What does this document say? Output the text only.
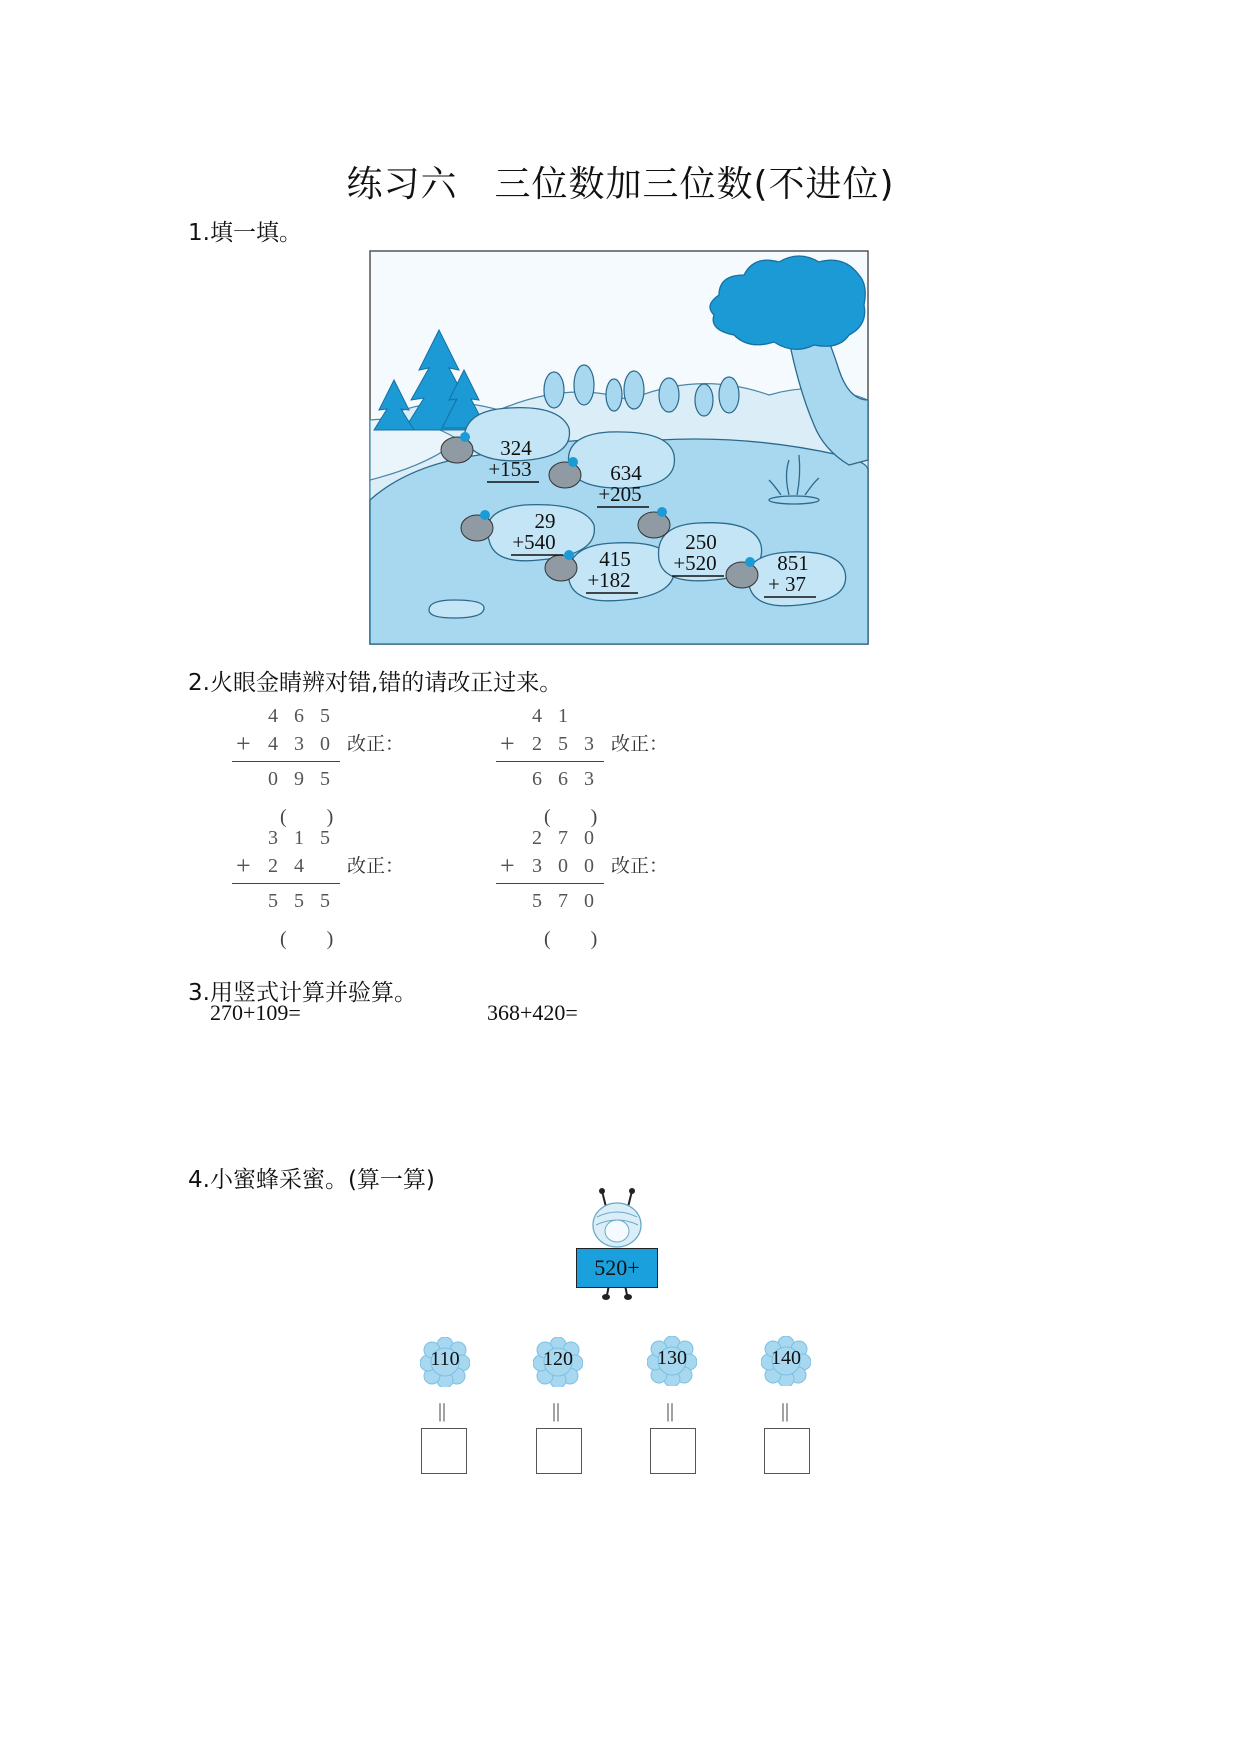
练习六　三位数加三位数(不进位)
1.填一填。
324
+153	634
+205
29
+540
415
+182
250
+520	851
+ 37
2.火眼金睛辨对错,错的请改正过来。
4 6 5
+ 4 3 0
0 9 5
改正：
(　　)
4 1
+ 2 5 3
6 6 3
改正：
(　　)
3 1 5
+ 2 4
5 5 5
改正：
(　　)
2 7 0
+ 3 0 0
5 7 0
改正：
(　　)
3.用竖式计算并验算。
270+109=	368+420=
4.小蜜蜂采蜜。(算一算)
520+
110	120	130	140
||	||	||	||
